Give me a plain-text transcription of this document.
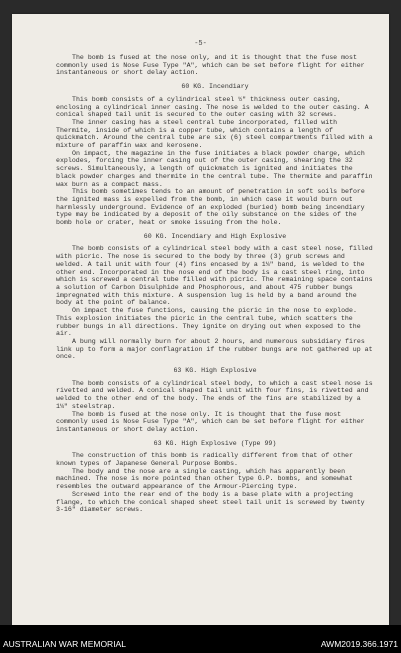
-5-

The bomb is fused at the nose only, and it is thought that the fuse most commonly used is Nose Fuse Type "A", which can be set before flight for either instantaneous or short delay action.

60 KG. Incendiary

This bomb consists of a cylindrical steel ½" thickness outer casing, enclosing a cylindrical inner casing. The nose is welded to the outer casing. A conical shaped tail unit is secured to the outer casing with 32 screws.

The inner casing has a steel central tube incorporated, filled with Thermite, inside of which is a copper tube, which contains a length of quickmatch. Around the central tube are six (6) steel compartments filled with a mixture of paraffin wax and kerosene.

On impact, the magazine in the fuse initiates a black powder charge, which explodes, forcing the inner casing out of the outer casing, shearing the 32 screws. Simultaneously, a length of quickmatch is ignited and initiates the black powder charges and thermite in the central tube. The thermite and paraffin wax burn as a compact mass.

This bomb sometimes tends to an amount of penetration in soft soils before the ignited mass is expelled from the bomb, in which case it would burn out harmlessly underground. Evidence of an exploded (buried) bomb being incendiary type may be indicated by a deposit of the oily substance on the sides of the bomb hole or crater, heat or smoke issuing from the hole.

60 KG. Incendiary and High Explosive

The bomb consists of a cylindrical steel body with a cast steel nose, filled with picric. The nose is secured to the body by three (3) grub screws and welded. A tail unit with four (4) fins encased by a 1¼" band, is welded to the other end. Incorporated in the nose end of the body is a cast steel ring, into which is screwed a central tube filled with picric. The remaining space contains a solution of Carbon Disulphide and Phosphorous, and about 475 rubber bungs impregnated with this mixture. A suspension lug is held by a band around the body at the point of balance.

On impact the fuse functions, causing the picric in the nose to explode. This explosion initiates the picric in the central tube, which scatters the rubber bungs in all directions. They ignite on drying out when exposed to the air.

A bung will normally burn for about 2 hours, and numerous subsidiary fires link up to form a major conflagration if the rubber bungs are not gathered up at once.

63 KG. High Explosive

The bomb consists of a cylindrical steel body, to which a cast steel nose is rivetted and welded. A conical shaped tail unit with four fins, is rivetted and welded to the other end of the body. The ends of the fins are stabilized by a 1¼" steelstrap.

The bomb is fused at the nose only. It is thought that the fuse most commonly used is Nose Fuse Type "A", which can be set before flight for either instantaneous or short delay action.

63 KG. High Explosive (Type 99)

The construction of this bomb is radically different from that of other known types of Japanese General Purpose Bombs.

The body and the nose are a single casting, which has apparently been machined. The nose is more pointed than other type G.P. bombs, and somewhat resembles the outward appearance of the Armour-Piercing type.

Screwed into the rear end of the body is a base plate with a projecting flange, to which the conical shaped sheet steel tail unit is screwed by twenty 3-16" diameter screws.

AUSTRALIAN WAR MEMORIAL	AWM2019.366.1971
